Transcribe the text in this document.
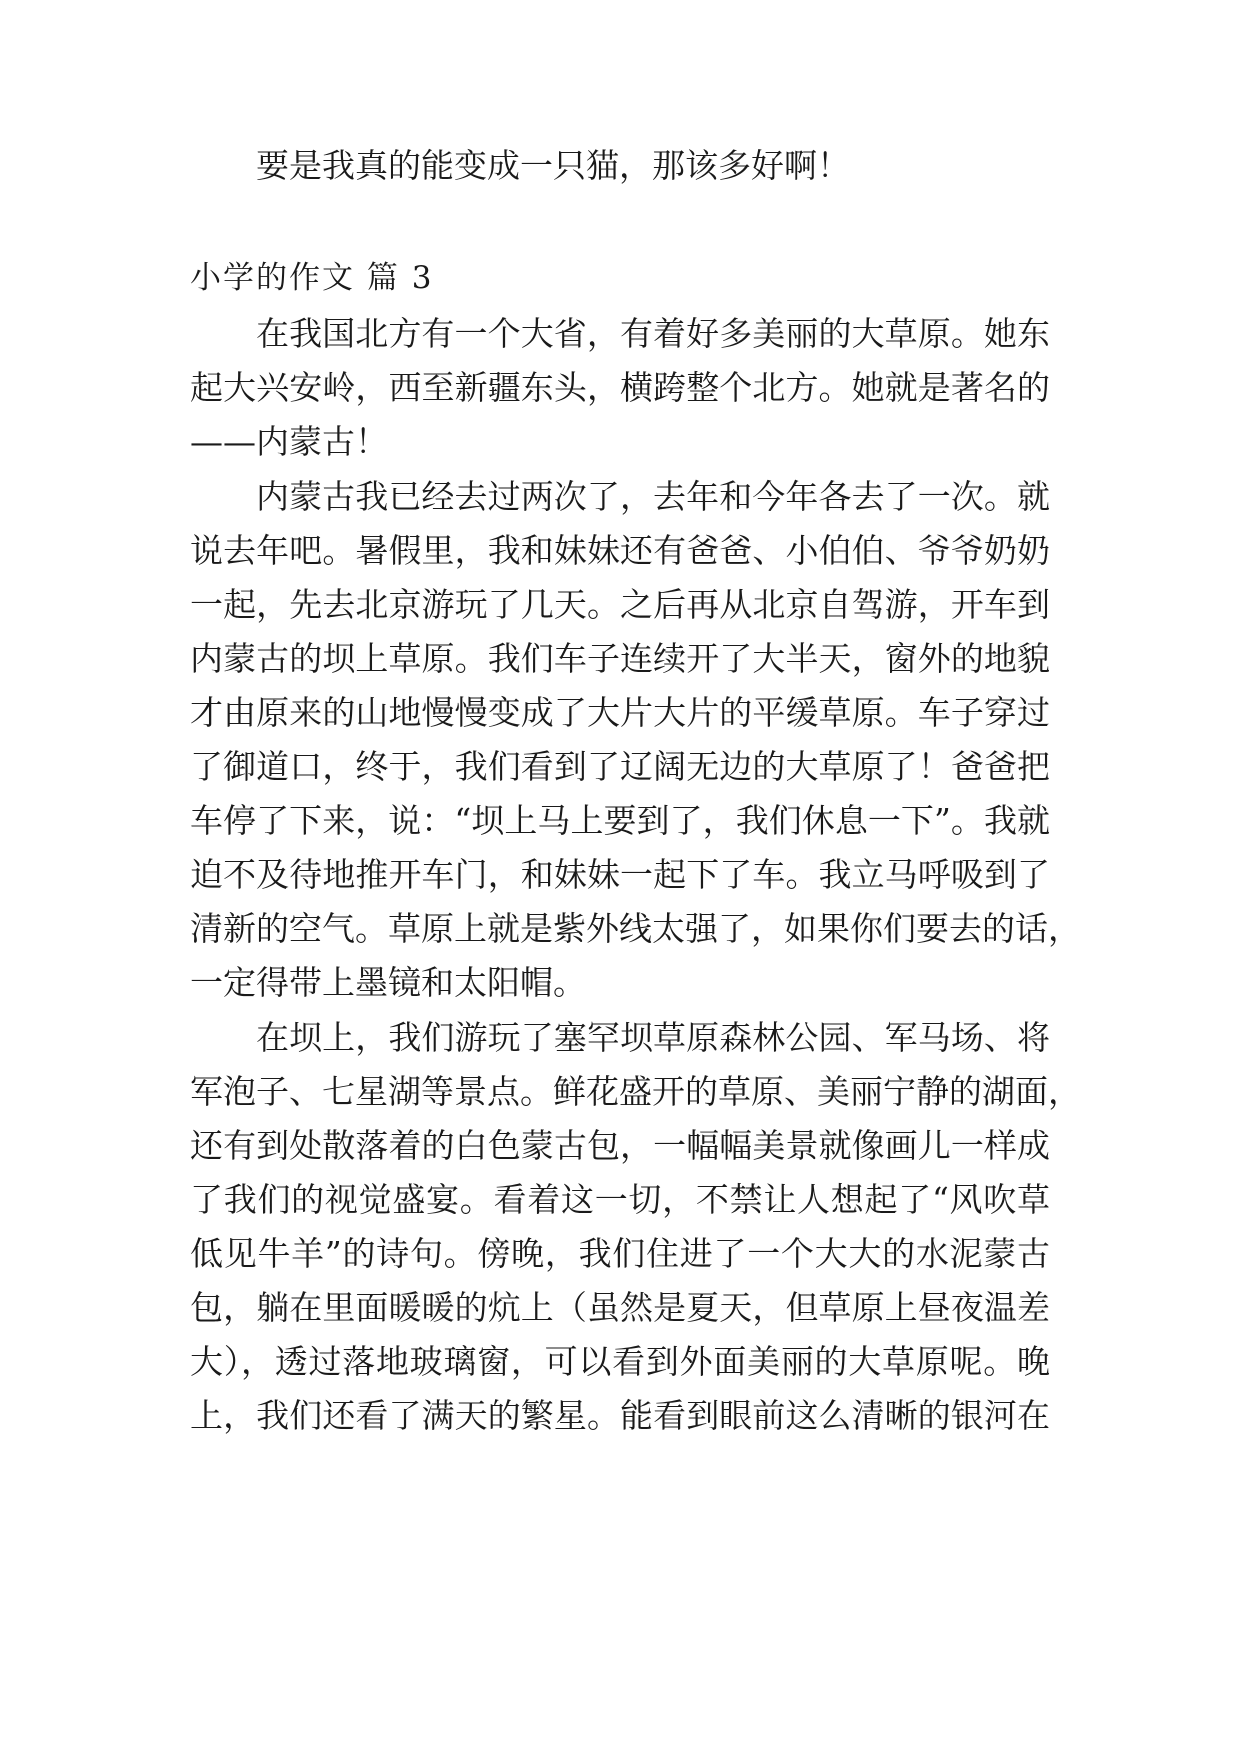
要是我真的能变成一只猫，那该多好啊！
小学的作文 篇 3
在我国北方有一个大省，有着好多美丽的大草原。她东
起大兴安岭，西至新疆东头，横跨整个北方。她就是著名的
——内蒙古！
内蒙古我已经去过两次了，去年和今年各去了一次。就
说去年吧。暑假里，我和妹妹还有爸爸、小伯伯、爷爷奶奶
一起，先去北京游玩了几天。之后再从北京自驾游，开车到
内蒙古的坝上草原。我们车子连续开了大半天，窗外的地貌
才由原来的山地慢慢变成了大片大片的平缓草原。车子穿过
了御道口，终于，我们看到了辽阔无边的大草原了！爸爸把
车停了下来，说：“坝上马上要到了，我们休息一下”。我就
迫不及待地推开车门，和妹妹一起下了车。我立马呼吸到了
清新的空气。草原上就是紫外线太强了，如果你们要去的话，
一定得带上墨镜和太阳帽。
在坝上，我们游玩了塞罕坝草原森林公园、军马场、将
军泡子、七星湖等景点。鲜花盛开的草原、美丽宁静的湖面，
还有到处散落着的白色蒙古包，一幅幅美景就像画儿一样成
了我们的视觉盛宴。看着这一切，不禁让人想起了“风吹草
低见牛羊”的诗句。傍晚，我们住进了一个大大的水泥蒙古
包，躺在里面暖暖的炕上（虽然是夏天，但草原上昼夜温差
大），透过落地玻璃窗，可以看到外面美丽的大草原呢。晚
上，我们还看了满天的繁星。能看到眼前这么清晰的银河在
